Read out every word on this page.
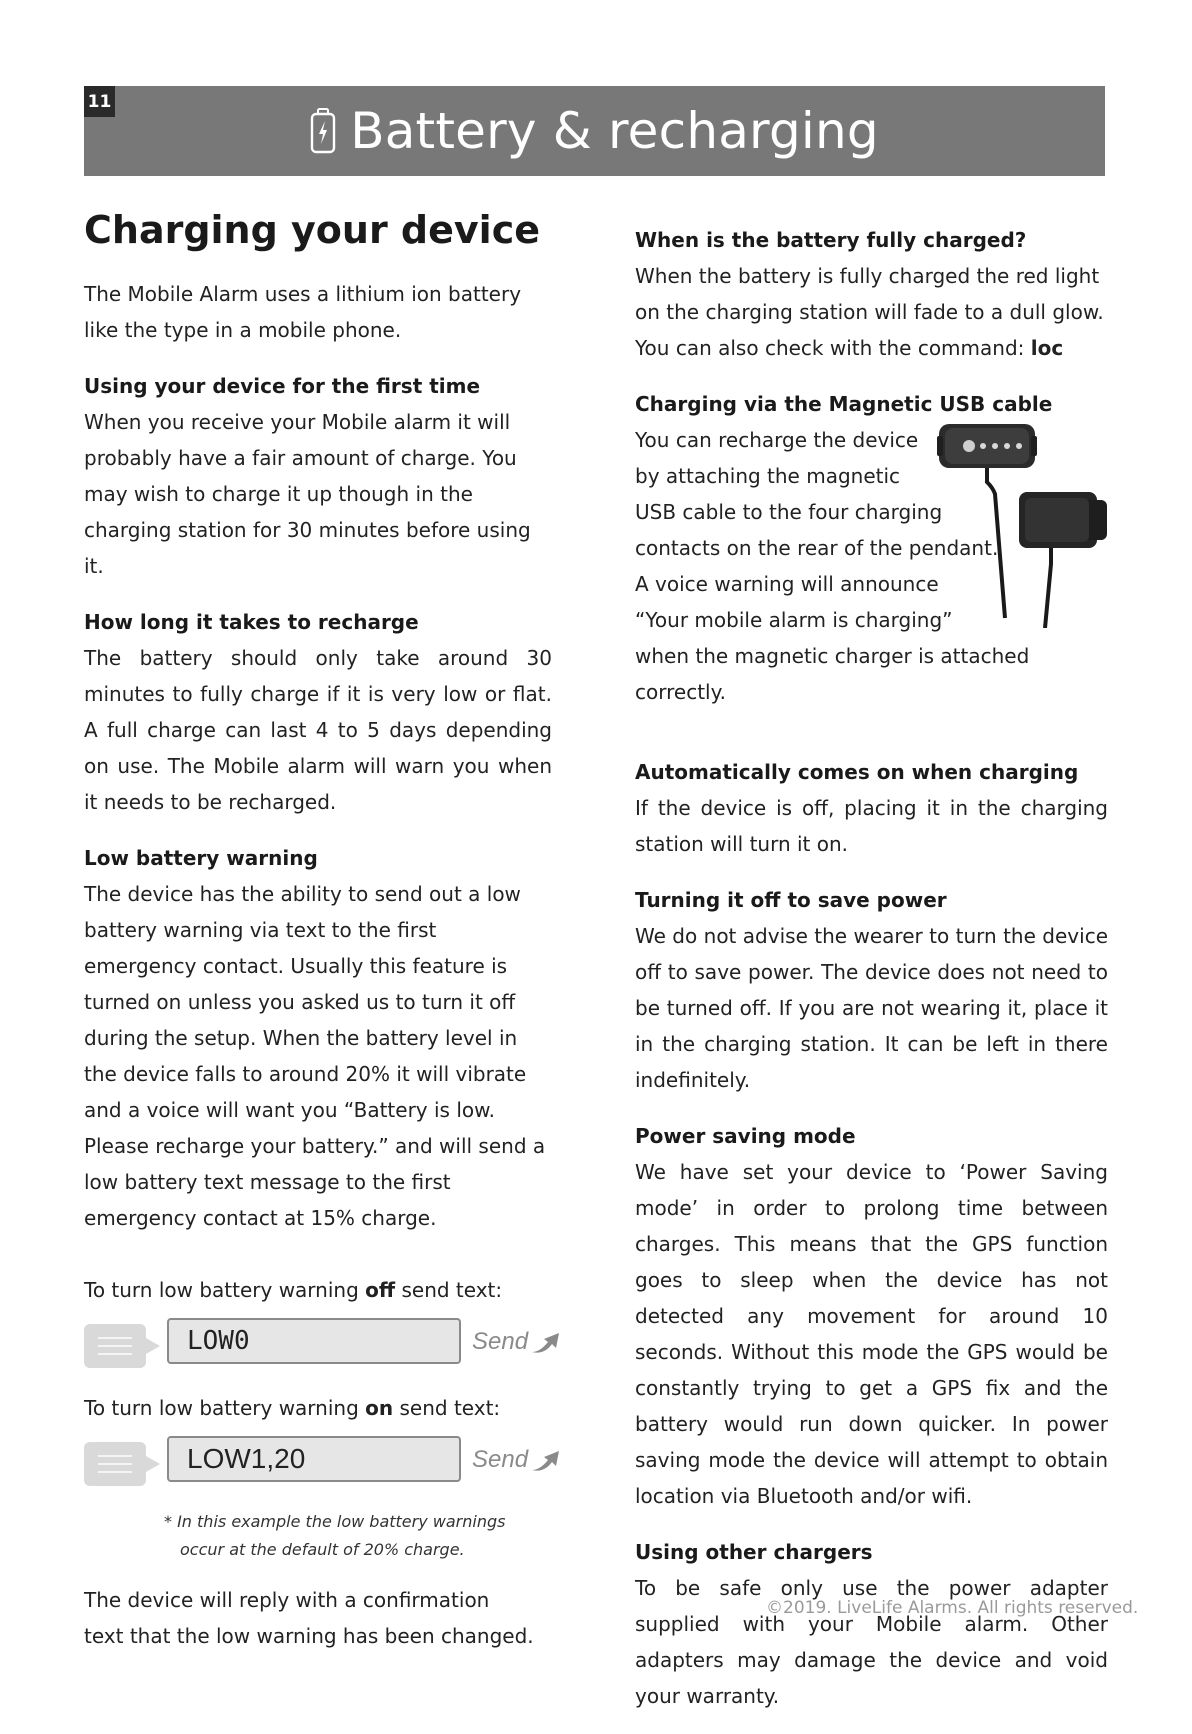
11
Battery & recharging
Charging your device

The Mobile Alarm uses a lithium ion battery like the type in a mobile phone.

Using your device for the first time

When you receive your Mobile alarm it will probably have a fair amount of charge. You may wish to charge it up though in the charging station for 30 minutes before using it.

How long it takes to recharge

The battery should only take around 30 minutes to fully charge if it is very low or flat. A full charge can last 4 to 5 days depending on use. The Mobile alarm will warn you when it needs to be recharged.

Low battery warning

The device has the ability to send out a low battery warning via text to the first emergency contact. Usually this feature is turned on unless you asked us to turn it off during the setup. When the battery level in the device falls to around 20% it will vibrate and a voice will want you “Battery is low. Please recharge your battery.” and will send a low battery text message to the first emergency contact at 15% charge.

To turn low battery warning off send text:

LOW0	Send

To turn low battery warning on send text:

LOW1,20	Send
* In this example the low battery warnings
occur at the default of 20% charge.

The device will reply with a confirmation
text that the low warning has been changed.

When is the battery fully charged?

When the battery is fully charged the red light on the charging station will fade to a dull glow. You can also check with the command: loc

Charging via the Magnetic USB cable

You can recharge the device

by attaching the magnetic

USB cable to the four charging

contacts on the rear of the pendant.

A voice warning will announce

“Your mobile alarm is charging”

when the magnetic charger is attached correctly.

Automatically comes on when charging

If the device is off, placing it in the charging station will turn it on.

Turning it off to save power

We do not advise the wearer to turn the device off to save power. The device does not need to be turned off. If you are not wearing it, place it in the charging station. It can be left in there indefinitely.

Power saving mode

We have set your device to ‘Power Saving mode’ in order to prolong time between charges. This means that the GPS function goes to sleep when the device has not detected any movement for around 10 seconds. Without this mode the GPS would be constantly trying to get a GPS fix and the battery would run down quicker. In power saving mode the device will attempt to obtain location via Bluetooth and/or wifi.

Using other chargers

To be safe only use the power adapter supplied with your Mobile alarm. Other adapters may damage the device and void your warranty.

©2019. LiveLife Alarms. All rights reserved.
